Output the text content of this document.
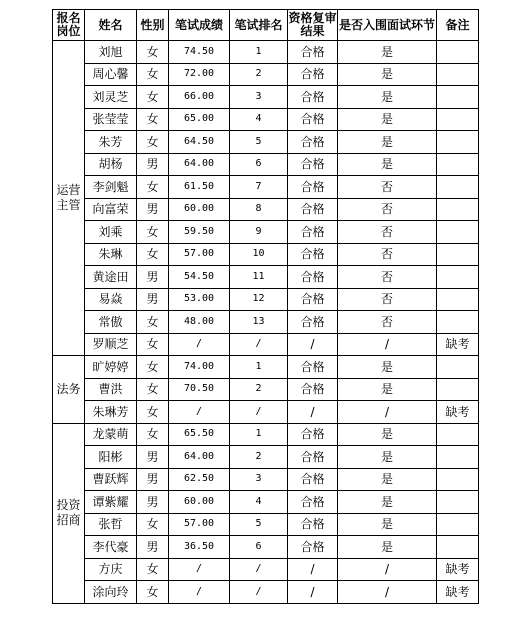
报名岗位	姓名	性别	笔试成绩	笔试排名	资格复审结果	是否入围面试环节	备注
运营主管	刘旭	女	74.50	1	合格	是	
	周心馨	女	72.00	2	合格	是	
	刘灵芝	女	66.00	3	合格	是	
	张莹莹	女	65.00	4	合格	是	
	朱芳	女	64.50	5	合格	是	
	胡杨	男	64.00	6	合格	是	
	李剑魁	女	61.50	7	合格	否	
	向富荣	男	60.00	8	合格	否	
	刘乘	女	59.50	9	合格	否	
	朱琳	女	57.00	10	合格	否	
	黄途田	男	54.50	11	合格	否	
	易焱	男	53.00	12	合格	否	
	常傲	女	48.00	13	合格	否	
	罗顺芝	女	/	/	/	/	缺考
法务	旷婷婷	女	74.00	1	合格	是	
	曹洪	女	70.50	2	合格	是	
	朱琳芳	女	/	/	/	/	缺考
投资招商	龙蒙萌	女	65.50	1	合格	是	
	阳彬	男	64.00	2	合格	是	
	曹跃辉	男	62.50	3	合格	是	
	谭紫耀	男	60.00	4	合格	是	
	张哲	女	57.00	5	合格	是	
	李代豪	男	36.50	6	合格	是	
	方庆	女	/	/	/	/	缺考
	涂向玲	女	/	/	/	/	缺考
